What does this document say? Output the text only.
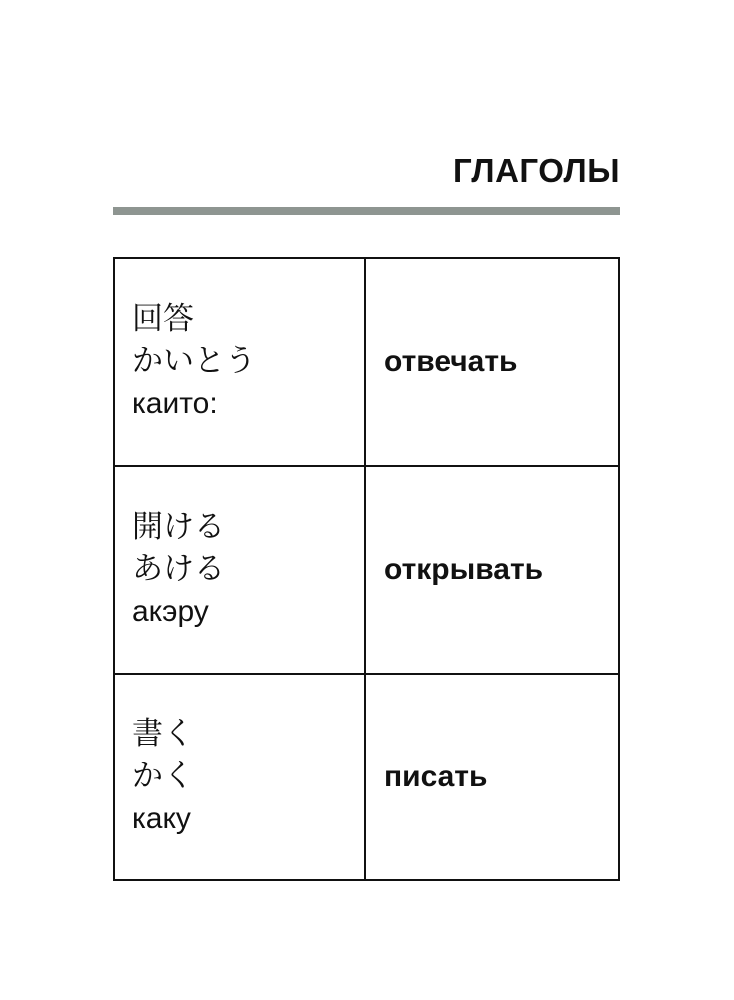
ГЛАГОЛЫ
回答
かいとう
каито:
отвечать
開ける
あける
акэру
открывать
書く
かく
каку
писать
